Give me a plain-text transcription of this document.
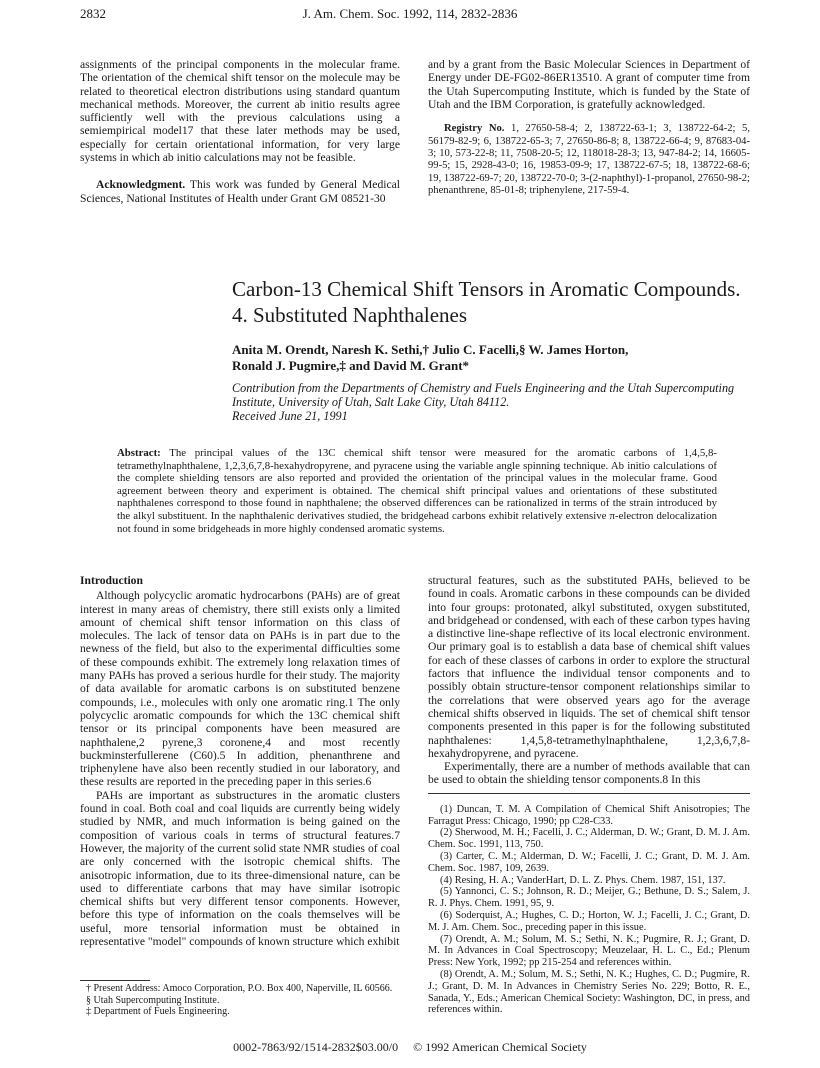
2832	J. Am. Chem. Soc. 1992, 114, 2832-2836

assignments of the principal components in the molecular frame. The orientation of the chemical shift tensor on the molecule may be related to theoretical electron distributions using standard quantum mechanical methods. Moreover, the current ab initio results agree sufficiently well with the previous calculations using a semiempirical model17 that these later methods may be used, especially for certain orientational information, for very large systems in which ab initio calculations may not be feasible.

Acknowledgment. This work was funded by General Medical Sciences, National Institutes of Health under Grant GM 08521-30

and by a grant from the Basic Molecular Sciences in Department of Energy under DE-FG02-86ER13510. A grant of computer time from the Utah Supercomputing Institute, which is funded by the State of Utah and the IBM Corporation, is gratefully acknowledged.

Registry No. 1, 27650-58-4; 2, 138722-63-1; 3, 138722-64-2; 5, 56179-82-9; 6, 138722-65-3; 7, 27650-86-8; 8, 138722-66-4; 9, 87683-04-3; 10, 573-22-8; 11, 7508-20-5; 12, 118018-28-3; 13, 947-84-2; 14, 16605-99-5; 15, 2928-43-0; 16, 19853-09-9; 17, 138722-67-5; 18, 138722-68-6; 19, 138722-69-7; 20, 138722-70-0; 3-(2-naphthyl)-1-propanol, 27650-98-2; phenanthrene, 85-01-8; triphenylene, 217-59-4.

Carbon-13 Chemical Shift Tensors in Aromatic Compounds.
4. Substituted Naphthalenes
Anita M. Orendt, Naresh K. Sethi,† Julio C. Facelli,§ W. James Horton,
Ronald J. Pugmire,‡ and David M. Grant*
Contribution from the Departments of Chemistry and Fuels Engineering and the Utah Supercomputing Institute, University of Utah, Salt Lake City, Utah 84112.
Received June 21, 1991
Abstract: The principal values of the 13C chemical shift tensor were measured for the aromatic carbons of 1,4,5,8-tetramethylnaphthalene, 1,2,3,6,7,8-hexahydropyrene, and pyracene using the variable angle spinning technique. Ab initio calculations of the complete shielding tensors are also reported and provided the orientation of the principal values in the molecular frame. Good agreement between theory and experiment is obtained. The chemical shift principal values and orientations of these substituted naphthalenes correspond to those found in naphthalene; the observed differences can be rationalized in terms of the strain introduced by the alkyl substituent. In the naphthalenic derivatives studied, the bridgehead carbons exhibit relatively extensive π-electron delocalization not found in some bridgeheads in more highly condensed aromatic systems.

Introduction

Although polycyclic aromatic hydrocarbons (PAHs) are of great interest in many areas of chemistry, there still exists only a limited amount of chemical shift tensor information on this class of molecules. The lack of tensor data on PAHs is in part due to the newness of the field, but also to the experimental difficulties some of these compounds exhibit. The extremely long relaxation times of many PAHs has proved a serious hurdle for their study. The majority of data available for aromatic carbons is on substituted benzene compounds, i.e., molecules with only one aromatic ring.1 The only polycyclic aromatic compounds for which the 13C chemical shift tensor or its principal components have been measured are naphthalene,2 pyrene,3 coronene,4 and most recently buckminsterfullerene (C60).5 In addition, phenanthrene and triphenylene have also been recently studied in our laboratory, and these results are reported in the preceding paper in this series.6

PAHs are important as substructures in the aromatic clusters found in coal. Both coal and coal liquids are currently being widely studied by NMR, and much information is being gained on the composition of various coals in terms of structural features.7 However, the majority of the current solid state NMR studies of coal are only concerned with the isotropic chemical shifts. The anisotropic information, due to its three-dimensional nature, can be used to differentiate carbons that may have similar isotropic chemical shifts but very different tensor components. However, before this type of information on the coals themselves will be useful, more tensorial information must be obtained in representative "model" compounds of known structure which exhibit

structural features, such as the substituted PAHs, believed to be found in coals. Aromatic carbons in these compounds can be divided into four groups: protonated, alkyl substituted, oxygen substituted, and bridgehead or condensed, with each of these carbon types having a distinctive line-shape reflective of its local electronic environment. Our primary goal is to establish a data base of chemical shift values for each of these classes of carbons in order to explore the structural factors that influence the individual tensor components and to possibly obtain structure-tensor component relationships similar to the correlations that were observed years ago for the average chemical shifts observed in liquids. The set of chemical shift tensor components presented in this paper is for the following substituted naphthalenes: 1,4,5,8-tetramethylnaphthalene, 1,2,3,6,7,8-hexahydropyrene, and pyracene.

Experimentally, there are a number of methods available that can be used to obtain the shielding tensor components.8 In this

(1) Duncan, T. M. A Compilation of Chemical Shift Anisotropies; The Farragut Press: Chicago, 1990; pp C28-C33.

(2) Sherwood, M. H.; Facelli, J. C.; Alderman, D. W.; Grant, D. M. J. Am. Chem. Soc. 1991, 113, 750.

(3) Carter, C. M.; Alderman, D. W.; Facelli, J. C.; Grant, D. M. J. Am. Chem. Soc. 1987, 109, 2639.

(4) Resing, H. A.; VanderHart, D. L. Z. Phys. Chem. 1987, 151, 137.

(5) Yannonci, C. S.; Johnson, R. D.; Meijer, G.; Bethune, D. S.; Salem, J. R. J. Phys. Chem. 1991, 95, 9.

(6) Soderquist, A.; Hughes, C. D.; Horton, W. J.; Facelli, J. C.; Grant, D. M. J. Am. Chem. Soc., preceding paper in this issue.

(7) Orendt, A. M.; Solum, M. S.; Sethi, N. K.; Pugmire, R. J.; Grant, D. M. In Advances in Coal Spectroscopy; Meuzelaar, H. L. C., Ed.; Plenum Press: New York, 1992; pp 215-254 and references within.

(8) Orendt, A. M.; Solum, M. S.; Sethi, N. K.; Hughes, C. D.; Pugmire, R. J.; Grant, D. M. In Advances in Chemistry Series No. 229; Botto, R. E., Sanada, Y., Eds.; American Chemical Society: Washington, DC, in press, and references within.

† Present Address: Amoco Corporation, P.O. Box 400, Naperville, IL 60566.

§ Utah Supercomputing Institute.

‡ Department of Fuels Engineering.

0002-7863/92/1514-2832$03.00/0 © 1992 American Chemical Society
